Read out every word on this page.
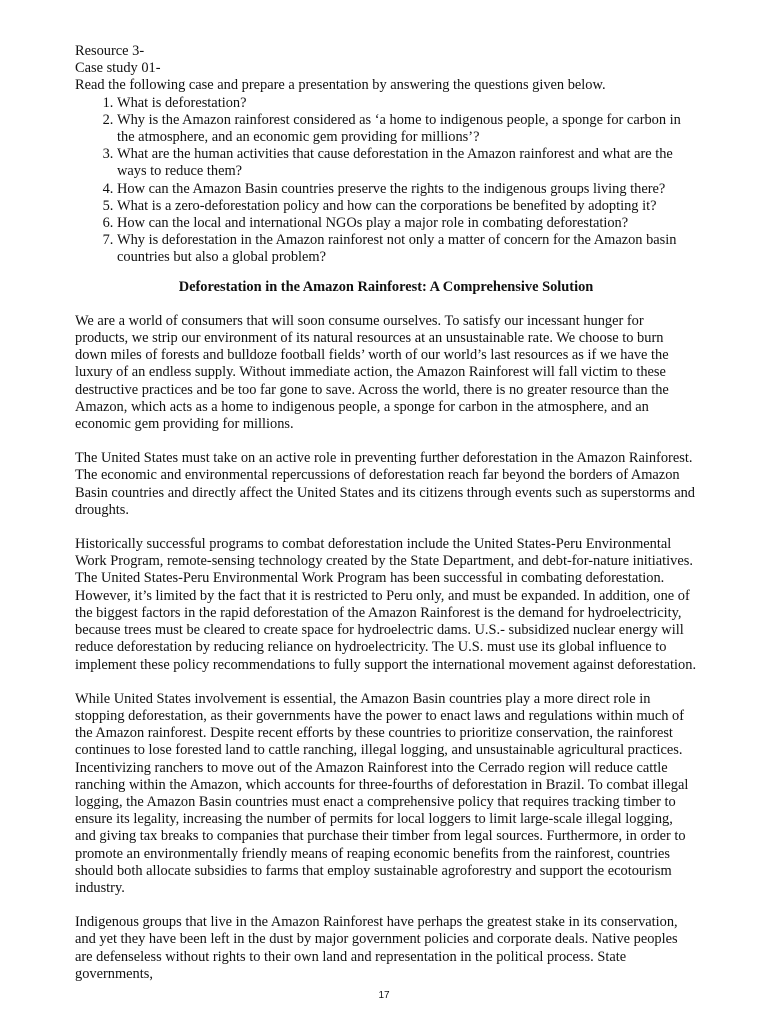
Resource 3-

Case study 01-

Read the following case and prepare a presentation by answering the questions given below.

1. What is deforestation?
2. Why is the Amazon rainforest considered as ‘a home to indigenous people, a sponge for carbon in the atmosphere, and an economic gem providing for millions’?
3. What are the human activities that cause deforestation in the Amazon rainforest and what are the ways to reduce them?
4. How can the Amazon Basin countries preserve the rights to the indigenous groups living there?
5. What is a zero-deforestation policy and how can the corporations be benefited by adopting it?
6. How can the local and international NGOs play a major role in combating deforestation?
7. Why is deforestation in the Amazon rainforest not only a matter of concern for the Amazon basin countries but also a global problem?

Deforestation in the Amazon Rainforest: A Comprehensive Solution

We are a world of consumers that will soon consume ourselves. To satisfy our incessant hunger for products, we strip our environment of its natural resources at an unsustainable rate. We choose to burn down miles of forests and bulldoze football fields’ worth of our world’s last resources as if we have the luxury of an endless supply. Without immediate action, the Amazon Rainforest will fall victim to these destructive practices and be too far gone to save. Across the world, there is no greater resource than the Amazon, which acts as a home to indigenous people, a sponge for carbon in the atmosphere, and an economic gem providing for millions.

The United States must take on an active role in preventing further deforestation in the Amazon Rainforest. The economic and environmental repercussions of deforestation reach far beyond the borders of Amazon Basin countries and directly affect the United States and its citizens through events such as superstorms and droughts.

Historically successful programs to combat deforestation include the United States-Peru Environmental Work Program, remote-sensing technology created by the State Department, and debt-for-nature initiatives. The United States-Peru Environmental Work Program has been successful in combating deforestation. However, it’s limited by the fact that it is restricted to Peru only, and must be expanded. In addition, one of the biggest factors in the rapid deforestation of the Amazon Rainforest is the demand for hydroelectricity, because trees must be cleared to create space for hydroelectric dams. U.S.- subsidized nuclear energy will reduce deforestation by reducing reliance on hydroelectricity. The U.S. must use its global influence to implement these policy recommendations to fully support the international movement against deforestation.

While United States involvement is essential, the Amazon Basin countries play a more direct role in stopping deforestation, as their governments have the power to enact laws and regulations within much of the Amazon rainforest. Despite recent efforts by these countries to prioritize conservation, the rainforest continues to lose forested land to cattle ranching, illegal logging, and unsustainable agricultural practices. Incentivizing ranchers to move out of the Amazon Rainforest into the Cerrado region will reduce cattle ranching within the Amazon, which accounts for three-fourths of deforestation in Brazil. To combat illegal logging, the Amazon Basin countries must enact a comprehensive policy that requires tracking timber to ensure its legality, increasing the number of permits for local loggers to limit large-scale illegal logging, and giving tax breaks to companies that purchase their timber from legal sources. Furthermore, in order to promote an environmentally friendly means of reaping economic benefits from the rainforest, countries should both allocate subsidies to farms that employ sustainable agroforestry and support the ecotourism industry.

Indigenous groups that live in the Amazon Rainforest have perhaps the greatest stake in its conservation, and yet they have been left in the dust by major government policies and corporate deals. Native peoples are defenseless without rights to their own land and representation in the political process. State governments,

17
